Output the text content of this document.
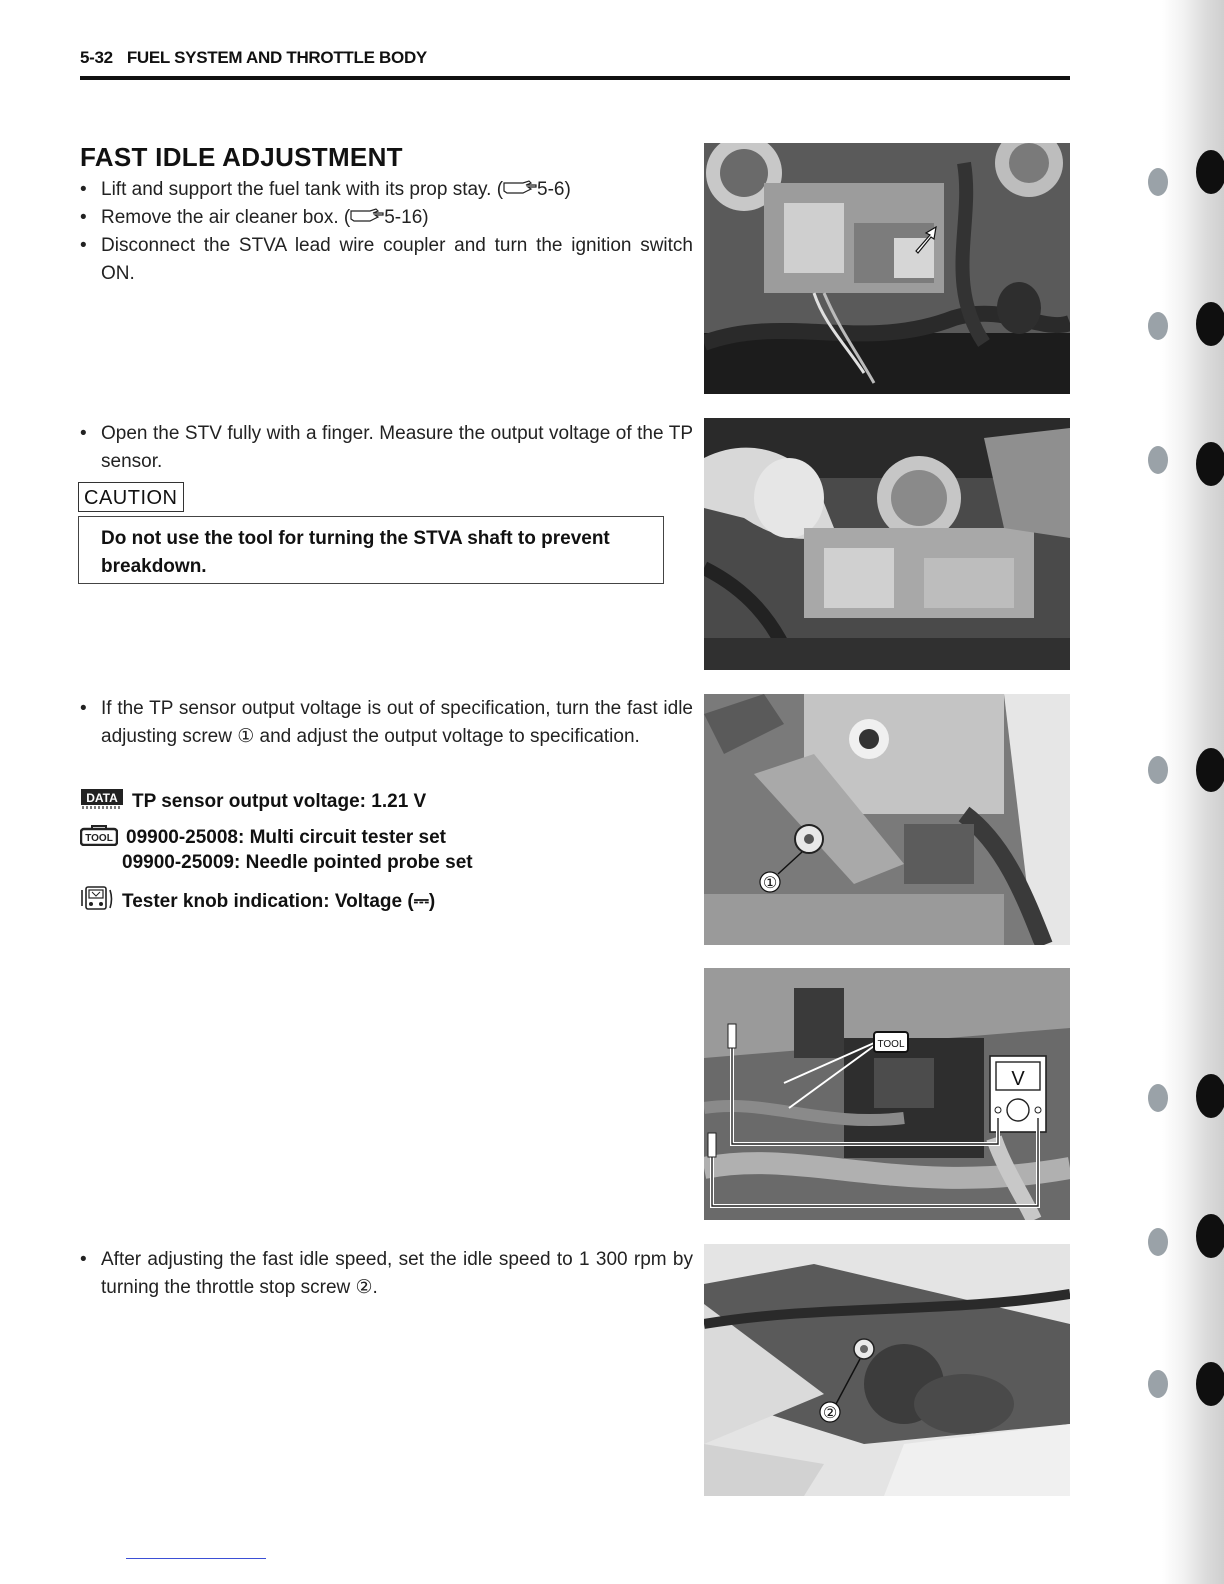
5-32 FUEL SYSTEM AND THROTTLE BODY
FAST IDLE ADJUSTMENT
• Lift and support the fuel tank with its prop stay. ( 5-6)
• Remove the air cleaner box. ( 5-16)
• Disconnect the STVA lead wire coupler and turn the ignition switch ON.
• Open the STV fully with a finger. Measure the output voltage of the TP sensor.
CAUTION
Do not use the tool for turning the STVA shaft to prevent breakdown.
• If the TP sensor output voltage is out of specification, turn the fast idle adjusting screw ① and adjust the output voltage to specification.
DATA TP sensor output voltage: 1.21 V
TOOL 09900-25008: Multi circuit tester set
09900-25009: Needle pointed probe set
Tester knob indication: Voltage (⎓)
• After adjusting the fast idle speed, set the idle speed to 1 300 rpm by turning the throttle stop screw ②.
①
V
TOOL
②
